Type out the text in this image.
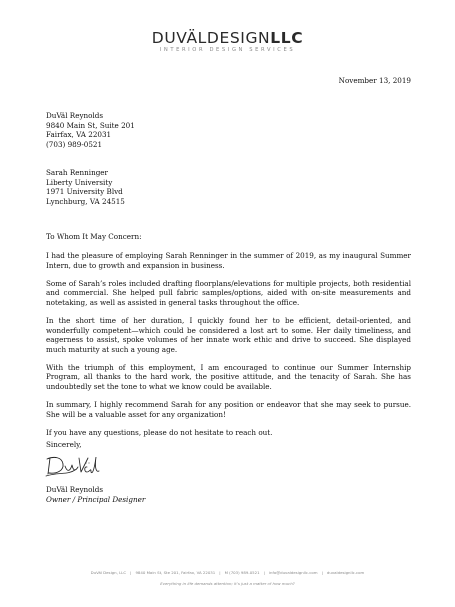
DUVÄLDESIGNLLC
INTERIOR DESIGN SERVICES
November 13, 2019
DuVäl Reynolds
9840 Main St, Suite 201
Fairfax, VA 22031
(703) 989-0521
Sarah Renninger
Liberty University
1971 University Blvd
Lynchburg, VA 24515
To Whom It May Concern:

I had the pleasure of employing Sarah Renninger in the summer of 2019, as my inaugural Summer Intern, due to growth and expansion in business.

Some of Sarah’s roles included drafting floorplans/elevations for multiple projects, both residential and commercial. She helped pull fabric samples/options, aided with on-site measurements and notetaking, as well as assisted in general tasks throughout the office.

In the short time of her duration, I quickly found her to be efficient, detail-oriented, and wonderfully competent—which could be considered a lost art to some. Her daily timeliness, and eagerness to assist, spoke volumes of her innate work ethic and drive to succeed. She displayed much maturity at such a young age.

With the triumph of this employment, I am encouraged to continue our Summer Internship Program, all thanks to the hard work, the positive attitude, and the tenacity of Sarah. She has undoubtedly set the tone to what we know could be available.

In summary, I highly recommend Sarah for any position or endeavor that she may seek to pursue. She will be a valuable asset for any organization!

If you have any questions, please do not hesitate to reach out.

Sincerely,
DuVäl Reynolds
Owner / Principal Designer
DuVäl Design, LLC | 9840 Main St, Ste 201, Fairfax, VA 22031 | M (703) 989-0521 | info@duvaldesignllc.com | duvaldesignllc.com
Everything in life demands attention; it’s just a matter of how much?
